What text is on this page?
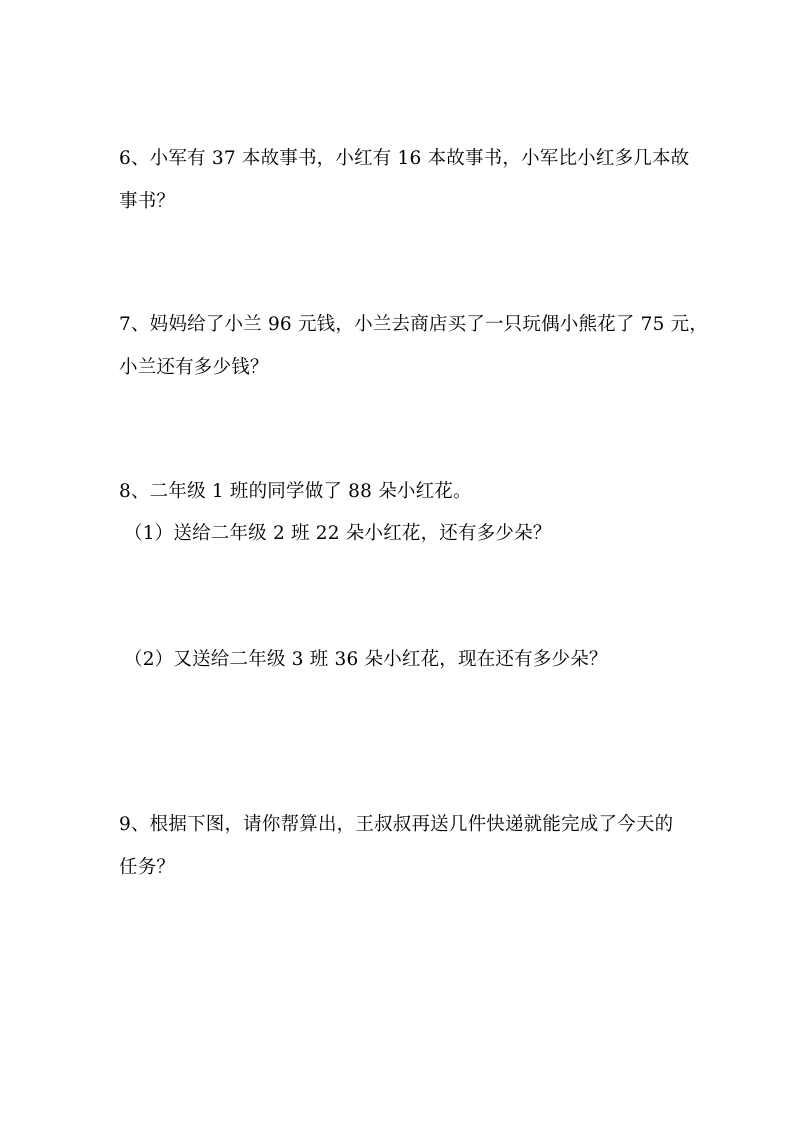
6、小军有 37 本故事书，小红有 16 本故事书，小军比小红多几本故
事书？
7、妈妈给了小兰 96 元钱，小兰去商店买了一只玩偶小熊花了 75 元，
小兰还有多少钱？
8、二年级 1 班的同学做了 88 朵小红花。
（1）送给二年级 2 班 22 朵小红花，还有多少朵？
（2）又送给二年级 3 班 36 朵小红花，现在还有多少朵？
9、根据下图，请你帮算出，王叔叔再送几件快递就能完成了今天的
任务？
